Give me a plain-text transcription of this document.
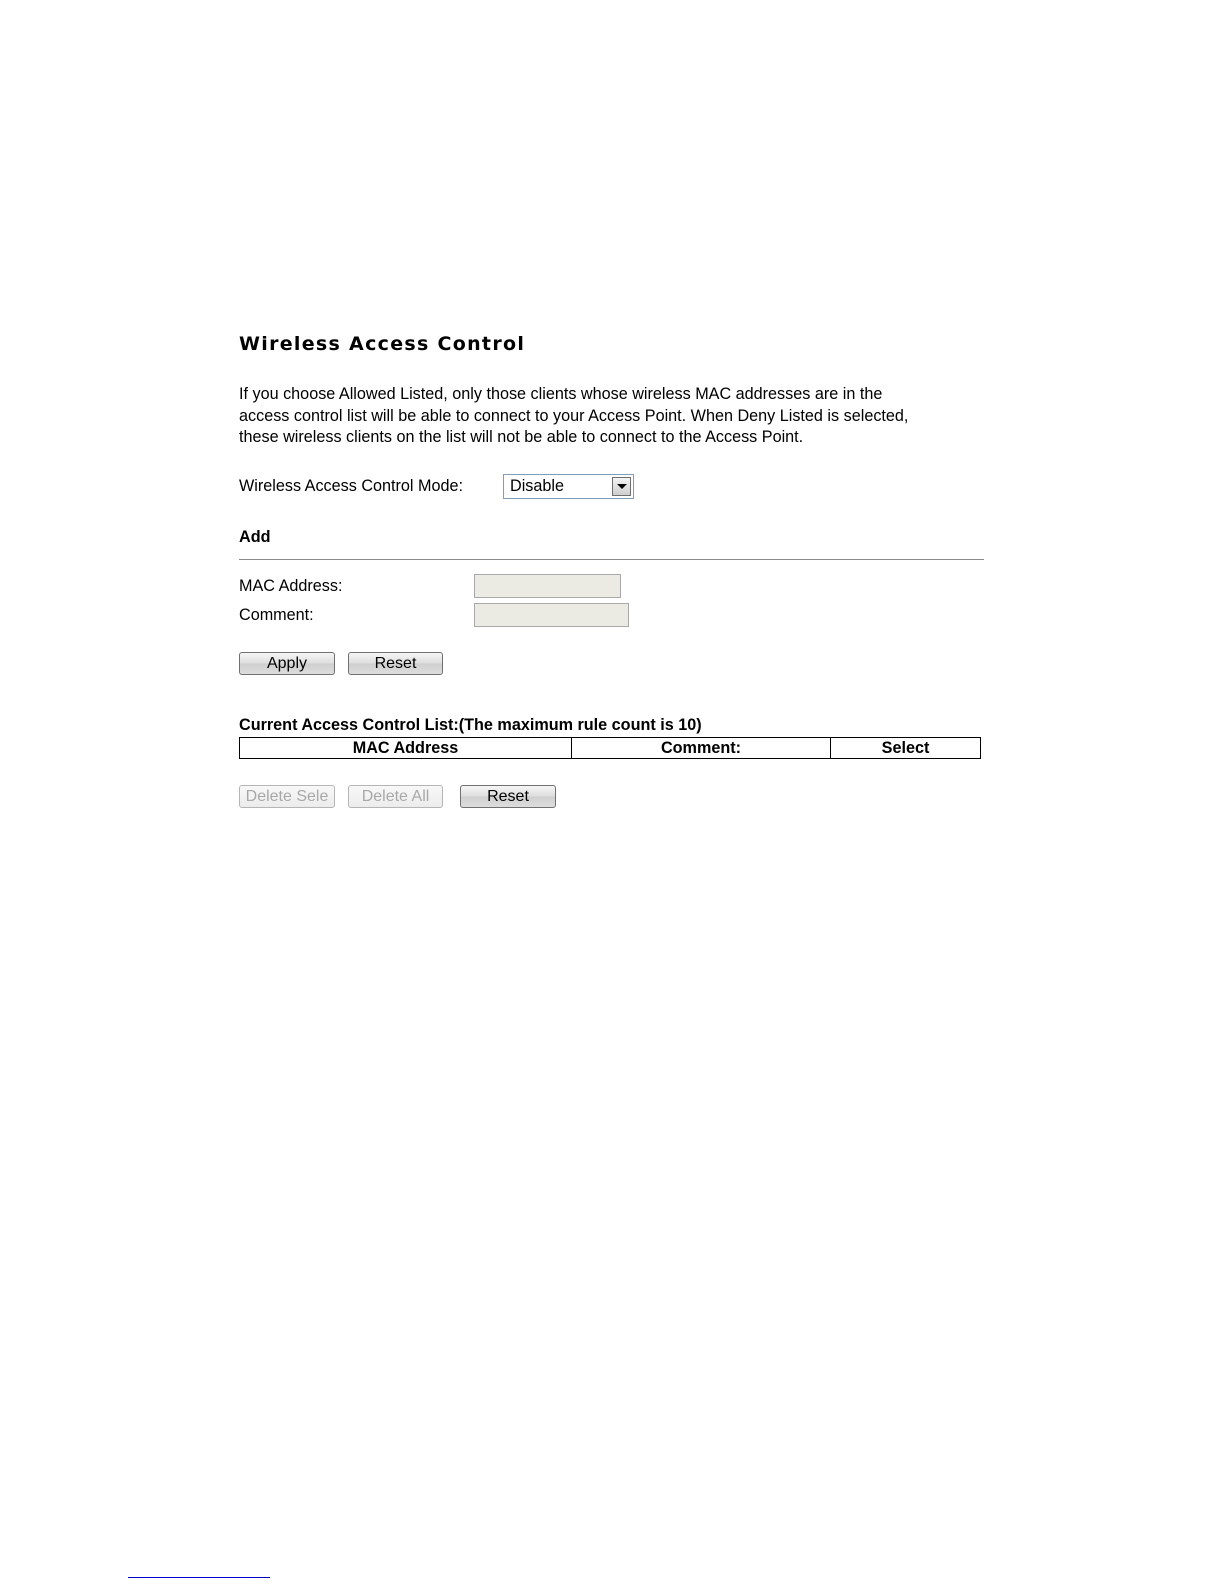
Wireless Access Control
If you choose Allowed Listed, only those clients whose wireless MAC addresses are in the
access control list will be able to connect to your Access Point. When Deny Listed is selected,
these wireless clients on the list will not be able to connect to the Access Point.
Wireless Access Control Mode:	Disable
Add
MAC Address:
Comment:
Apply	Reset
Current Access Control List:(The maximum rule count is 10)
MAC Address	Comment:	Select
Delete Sele	Delete All	Reset
